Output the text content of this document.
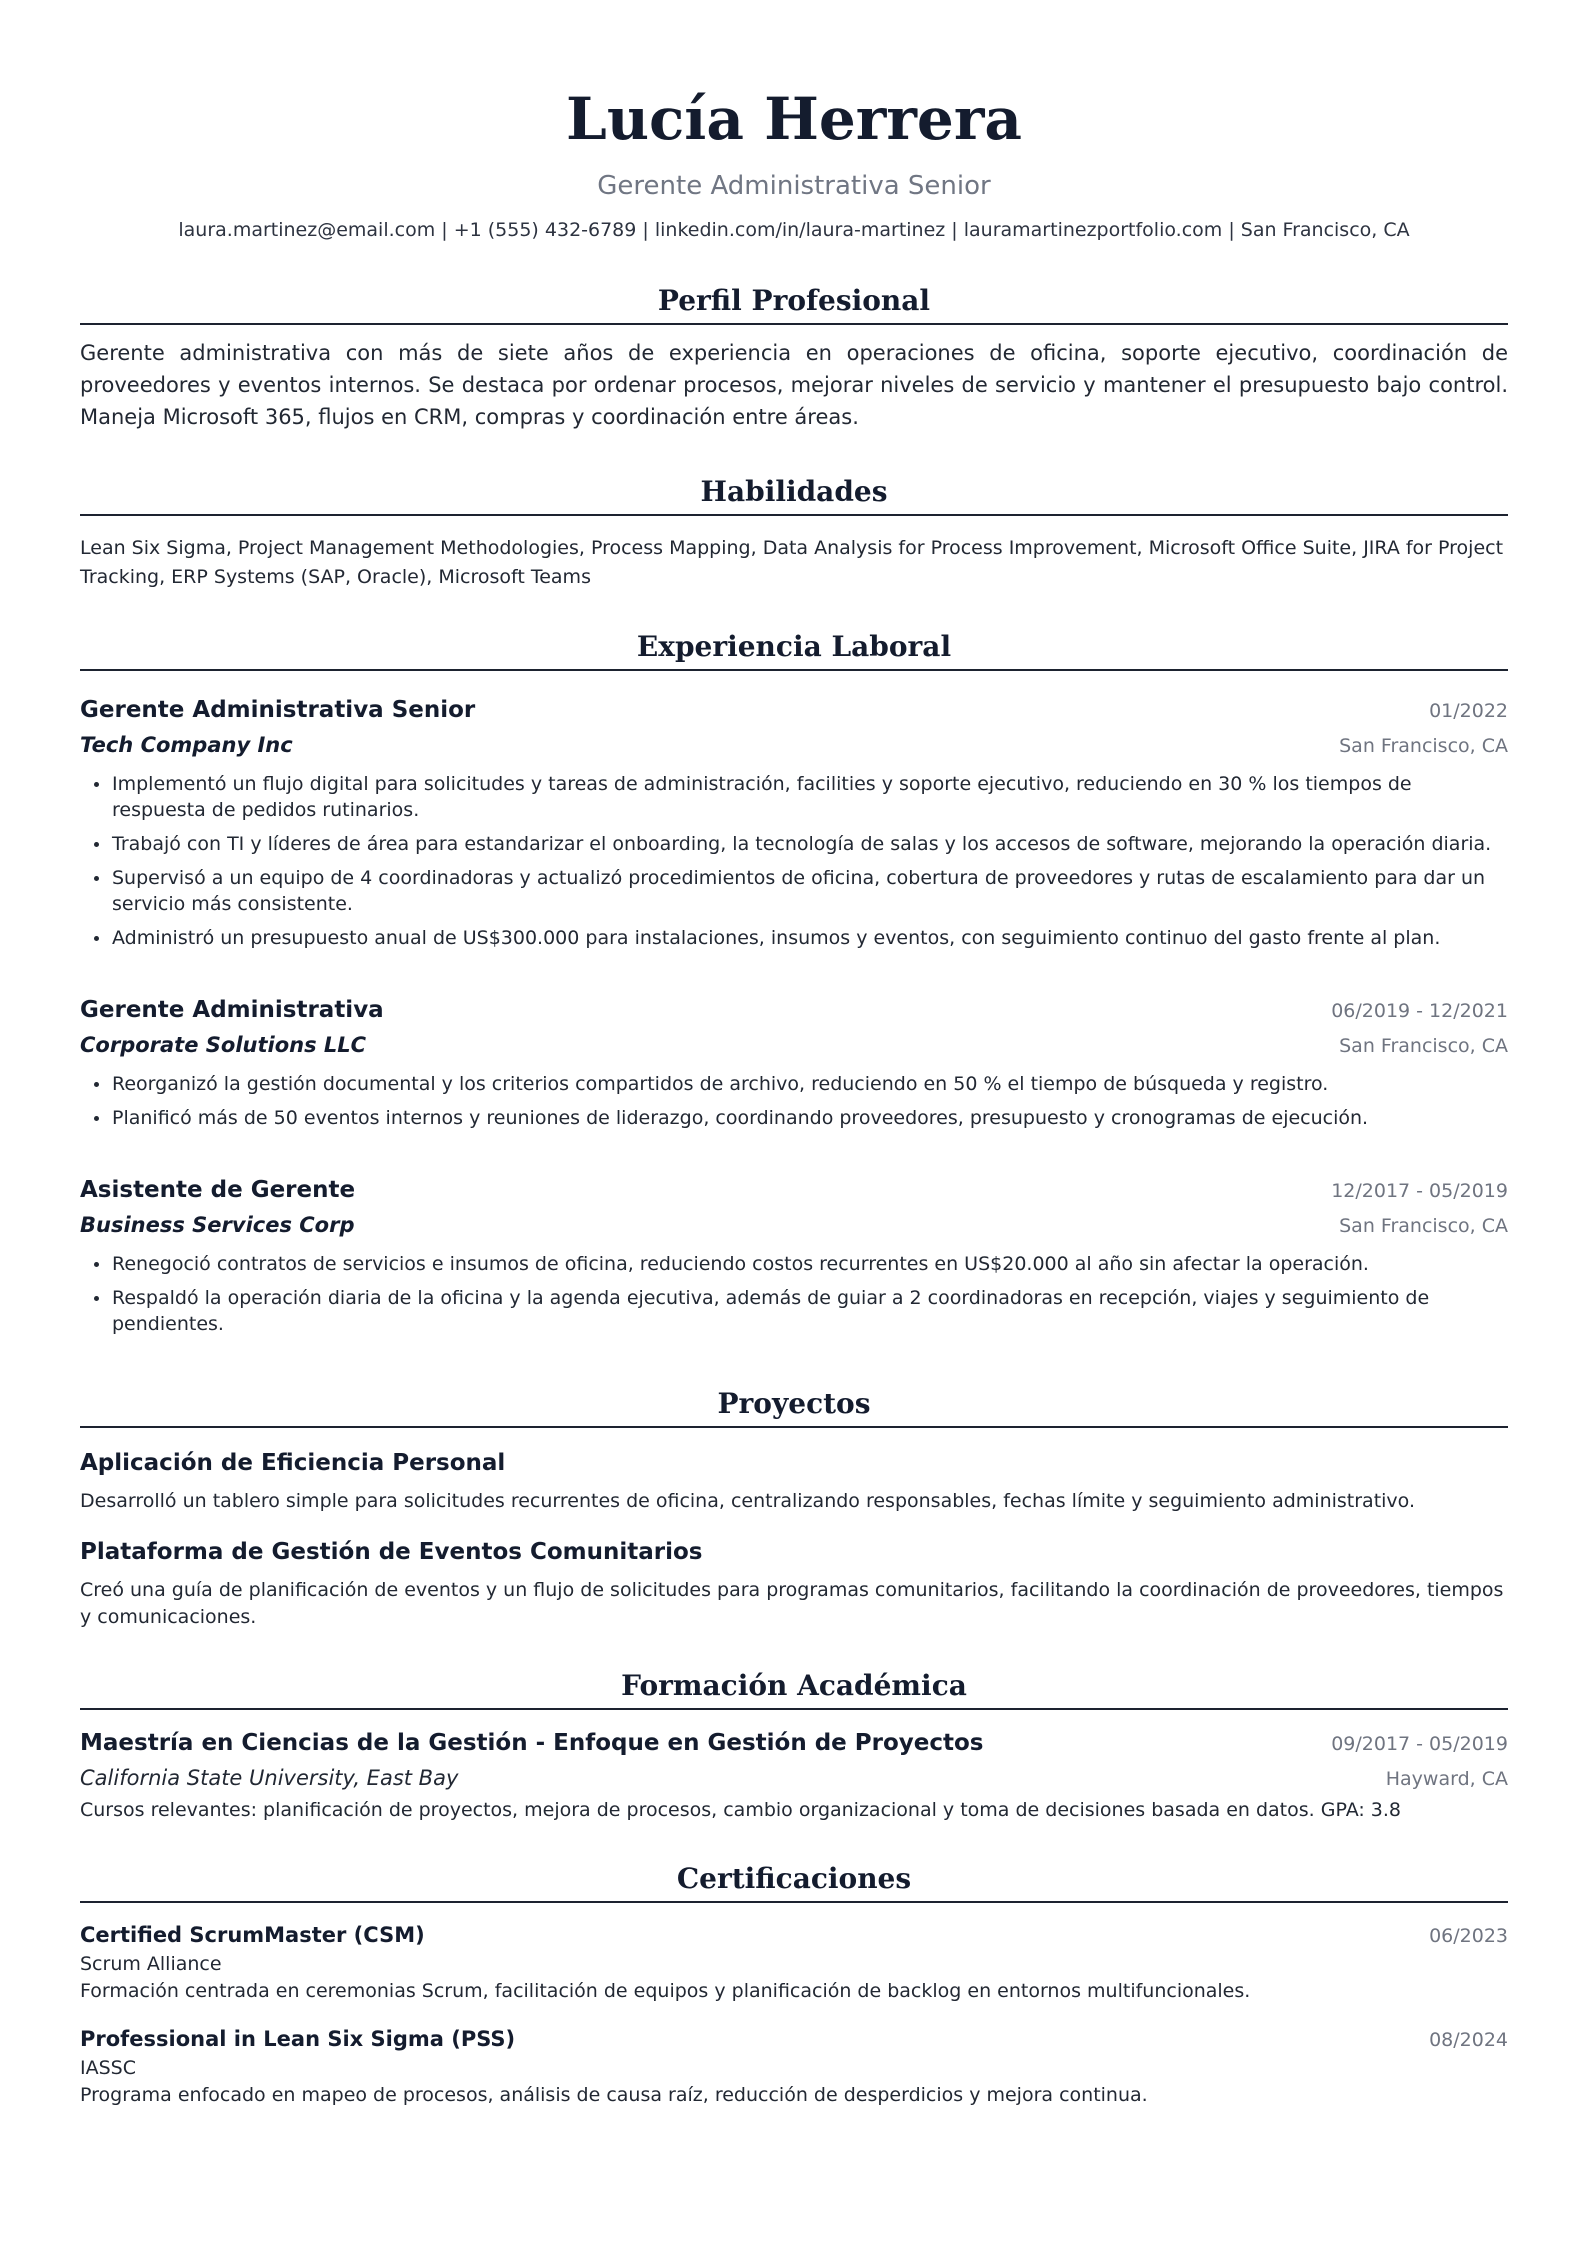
Lucía Herrera
Gerente Administrativa Senior
laura.martinez@email.com | +1 (555) 432-6789 | linkedin.com/in/laura-martinez | lauramartinezportfolio.com | San Francisco, CA
Perfil Profesional
Gerente administrativa con más de siete años de experiencia en operaciones de oficina, soporte ejecutivo, coordinación de proveedores y eventos internos. Se destaca por ordenar procesos, mejorar niveles de servicio y mantener el presupuesto bajo control. Maneja Microsoft 365, flujos en CRM, compras y coordinación entre áreas.
Habilidades
Lean Six Sigma, Project Management Methodologies, Process Mapping, Data Analysis for Process Improvement, Microsoft Office Suite, JIRA for Project Tracking, ERP Systems (SAP, Oracle), Microsoft Teams
Experiencia Laboral
Gerente Administrativa Senior	01/2022
Tech Company Inc	San Francisco, CA
Implementó un flujo digital para solicitudes y tareas de administración, facilities y soporte ejecutivo, reduciendo en 30 % los tiempos de respuesta de pedidos rutinarios.
Trabajó con TI y líderes de área para estandarizar el onboarding, la tecnología de salas y los accesos de software, mejorando la operación diaria.
Supervisó a un equipo de 4 coordinadoras y actualizó procedimientos de oficina, cobertura de proveedores y rutas de escalamiento para dar un servicio más consistente.
Administró un presupuesto anual de US$300.000 para instalaciones, insumos y eventos, con seguimiento continuo del gasto frente al plan.
Gerente Administrativa	06/2019 - 12/2021
Corporate Solutions LLC	San Francisco, CA
Reorganizó la gestión documental y los criterios compartidos de archivo, reduciendo en 50 % el tiempo de búsqueda y registro.
Planificó más de 50 eventos internos y reuniones de liderazgo, coordinando proveedores, presupuesto y cronogramas de ejecución.
Asistente de Gerente	12/2017 - 05/2019
Business Services Corp	San Francisco, CA
Renegoció contratos de servicios e insumos de oficina, reduciendo costos recurrentes en US$20.000 al año sin afectar la operación.
Respaldó la operación diaria de la oficina y la agenda ejecutiva, además de guiar a 2 coordinadoras en recepción, viajes y seguimiento de pendientes.
Proyectos
Aplicación de Eficiencia Personal
Desarrolló un tablero simple para solicitudes recurrentes de oficina, centralizando responsables, fechas límite y seguimiento administrativo.
Plataforma de Gestión de Eventos Comunitarios
Creó una guía de planificación de eventos y un flujo de solicitudes para programas comunitarios, facilitando la coordinación de proveedores, tiempos y comunicaciones.
Formación Académica
Maestría en Ciencias de la Gestión - Enfoque en Gestión de Proyectos	09/2017 - 05/2019
California State University, East Bay	Hayward, CA
Cursos relevantes: planificación de proyectos, mejora de procesos, cambio organizacional y toma de decisiones basada en datos. GPA: 3.8
Certificaciones
Certified ScrumMaster (CSM)	06/2023
Scrum Alliance
Formación centrada en ceremonias Scrum, facilitación de equipos y planificación de backlog en entornos multifuncionales.
Professional in Lean Six Sigma (PSS)	08/2024
IASSC
Programa enfocado en mapeo de procesos, análisis de causa raíz, reducción de desperdicios y mejora continua.
